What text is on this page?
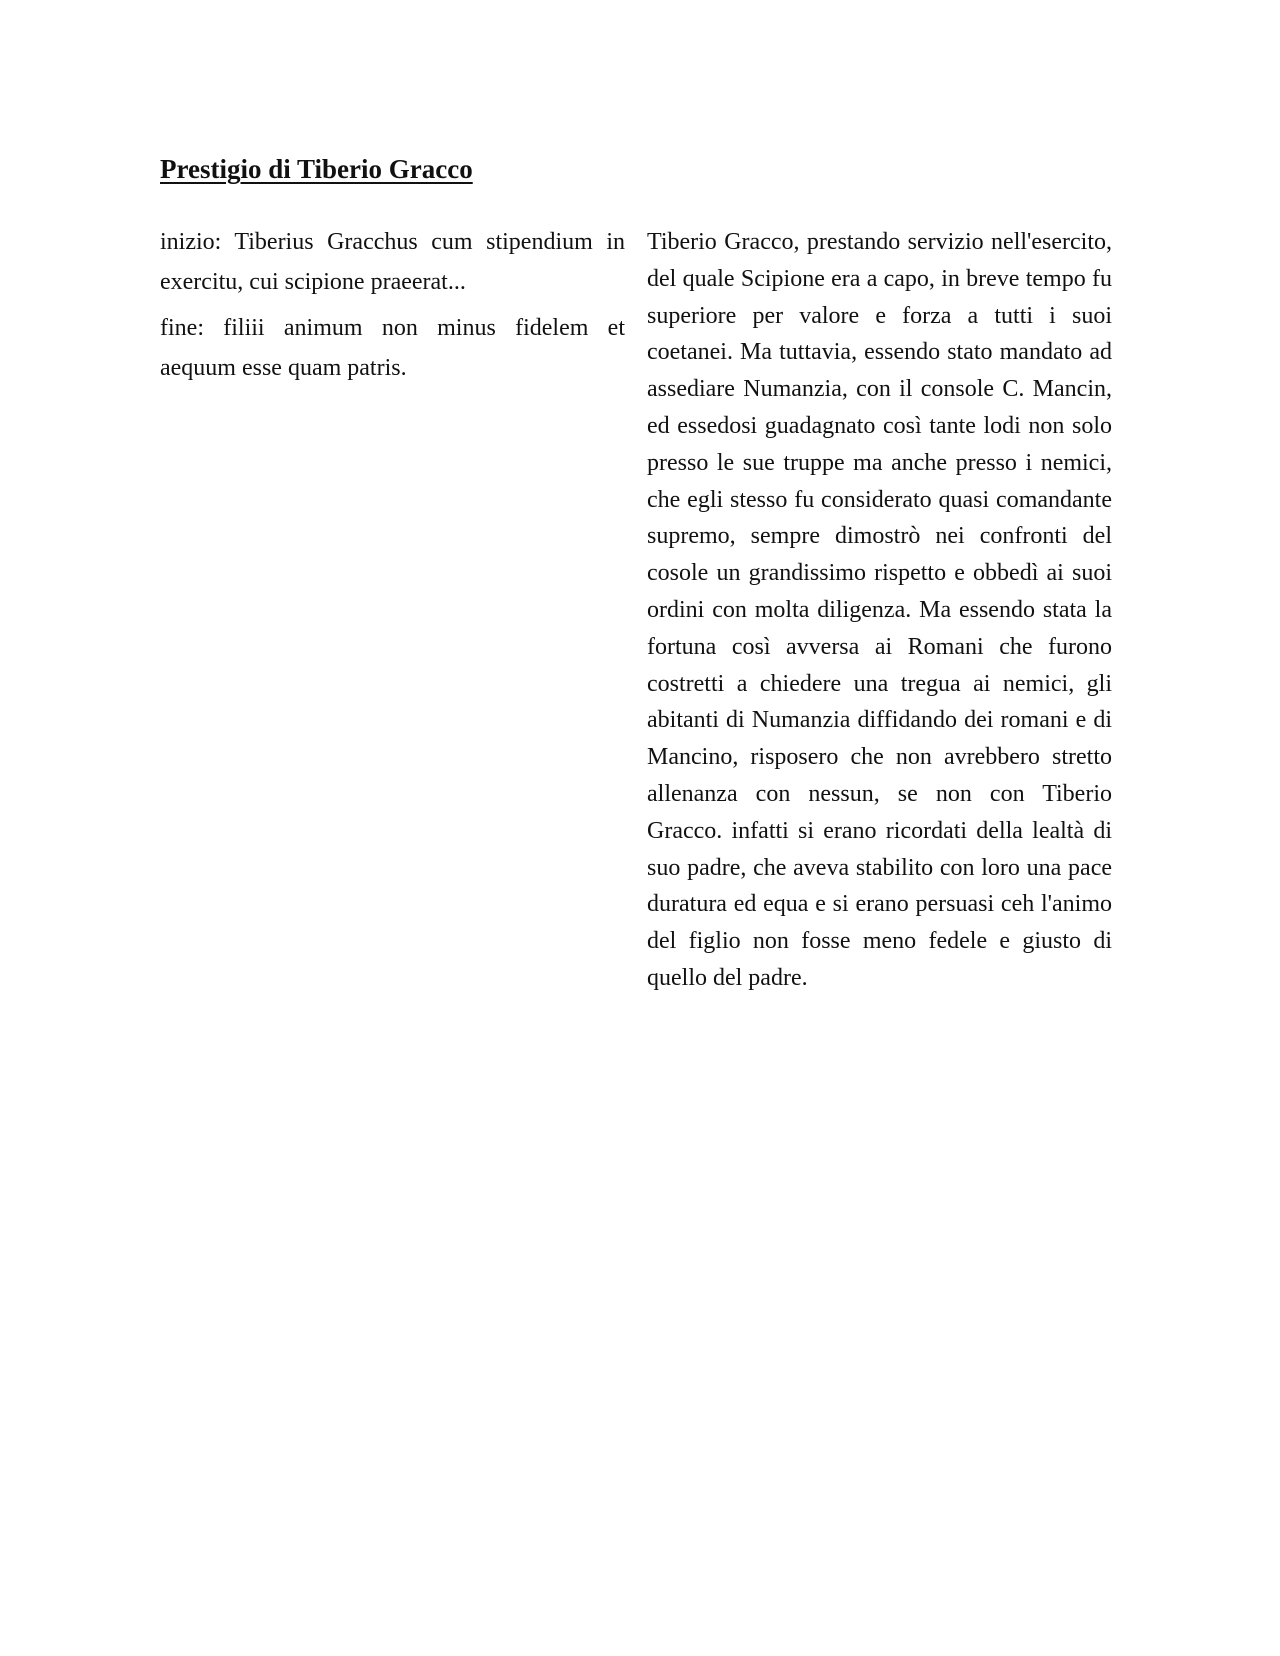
Prestigio di Tiberio Gracco

inizio: Tiberius Gracchus cum stipendium in exercitu, cui scipione praeerat...

fine: filiii animum non minus fidelem et aequum esse quam patris.

Tiberio Gracco, prestando servizio nell'esercito, del quale Scipione era a capo, in breve tempo fu superiore per valore e forza a tutti i suoi coetanei. Ma tuttavia, essendo stato mandato ad assediare Numanzia, con il console C. Mancin, ed essedosi guadagnato così tante lodi non solo presso le sue truppe ma anche presso i nemici, che egli stesso fu considerato quasi comandante supremo, sempre dimostrò nei confronti del cosole un grandissimo rispetto e obbedì ai suoi ordini con molta diligenza. Ma essendo stata la fortuna così avversa ai Romani che furono costretti a chiedere una tregua ai nemici, gli abitanti di Numanzia diffidando dei romani e di Mancino, risposero che non avrebbero stretto allenanza con nessun, se non con Tiberio Gracco. infatti si erano ricordati della lealtà di suo padre, che aveva stabilito con loro una pace duratura ed equa e si erano persuasi ceh l'animo del figlio non fosse meno fedele e giusto di quello del padre.
